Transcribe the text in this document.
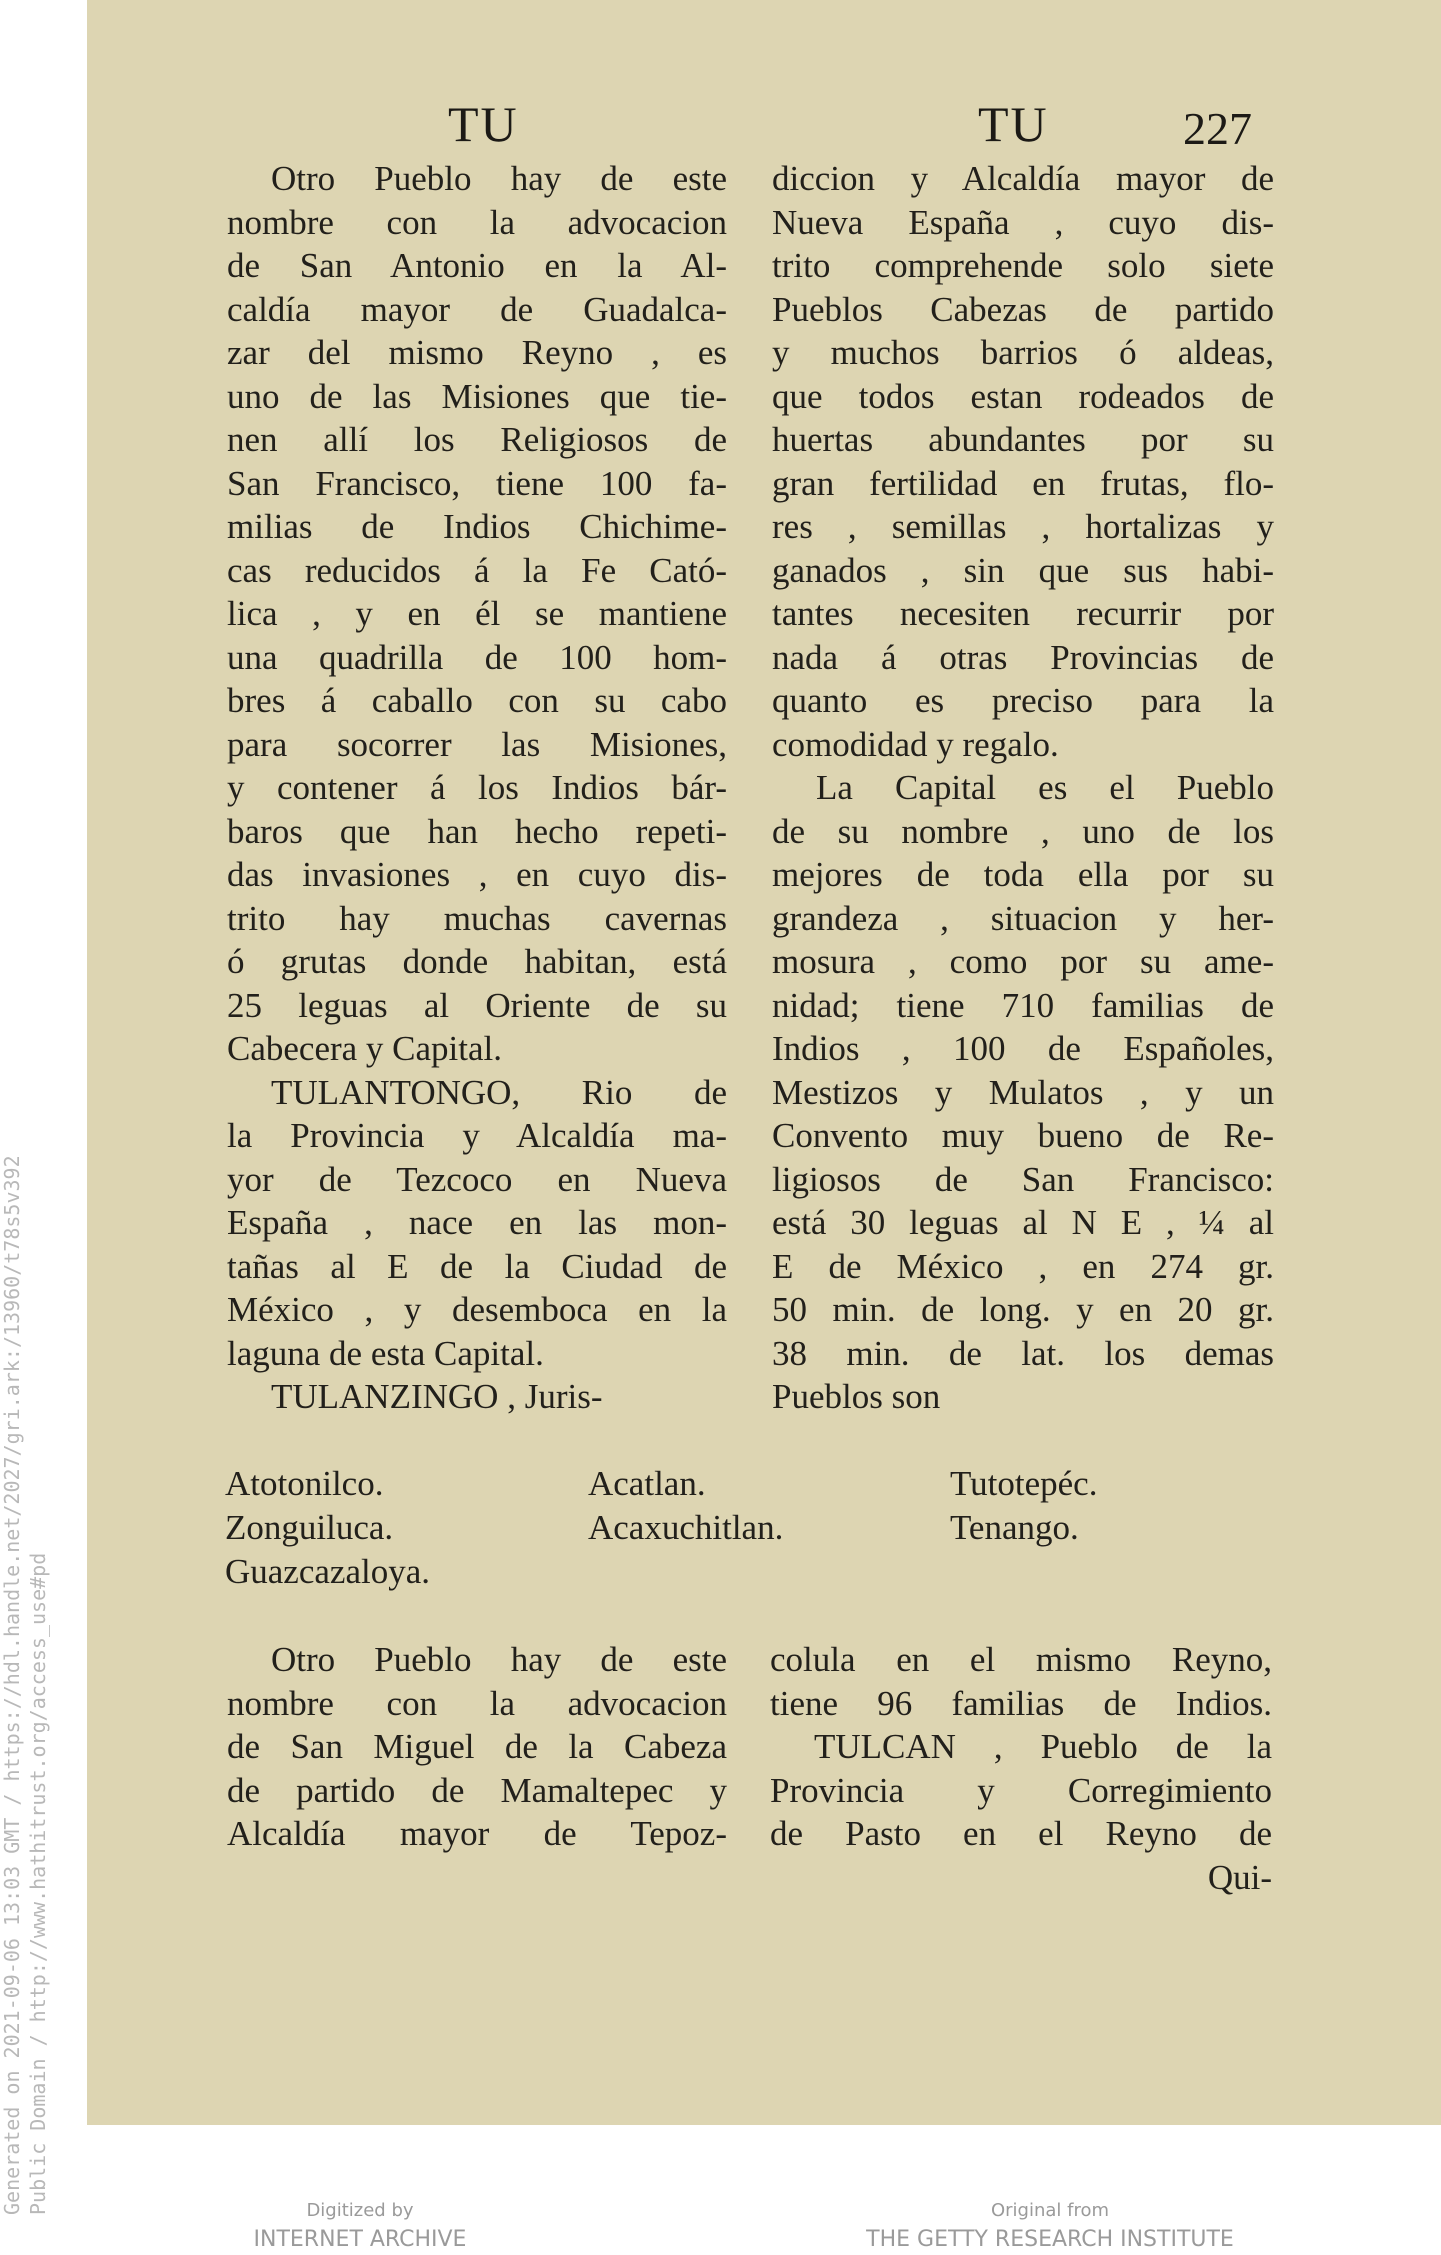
Generated on 2021-09-06 13:03 GMT / https://hdl.handle.net/2027/gri.ark:/13960/t78s5v392 Public Domain / http://www.hathitrust.org/access_use#pd
TU	TU	227
Otro Pueblo hay de este
nombre con la advocacion
de San Antonio en la Al-
caldía mayor de Guadalca-
zar del mismo Reyno , es
uno de las Misiones que tie-
nen allí los Religiosos de
San Francisco, tiene 100 fa-
milias de Indios Chichime-
cas reducidos á la Fe Cató-
lica , y en él se mantiene
una quadrilla de 100 hom-
bres á caballo con su cabo
para socorrer las Misiones,
y contener á los Indios bár-
baros que han hecho repeti-
das invasiones , en cuyo dis-
trito hay muchas cavernas
ó grutas donde habitan, está
25 leguas al Oriente de su
Cabecera y Capital.
TULANTONGO, Rio de
la Provincia y Alcaldía ma-
yor de Tezcoco en Nueva
España , nace en las mon-
tañas al E de la Ciudad de
México , y desemboca en la
laguna de esta Capital.
TULANZINGO , Juris-
diccion y Alcaldía mayor de
Nueva España , cuyo dis-
trito comprehende solo siete
Pueblos Cabezas de partido
y muchos barrios ó aldeas,
que todos estan rodeados de
huertas abundantes por su
gran fertilidad en frutas, flo-
res , semillas , hortalizas y
ganados , sin que sus habi-
tantes necesiten recurrir por
nada á otras Provincias de
quanto es preciso para la
comodidad y regalo.
La Capital es el Pueblo
de su nombre , uno de los
mejores de toda ella por su
grandeza , situacion y her-
mosura , como por su ame-
nidad; tiene 710 familias de
Indios , 100 de Españoles,
Mestizos y Mulatos , y un
Convento muy bueno de Re-
ligiosos de San Francisco:
está 30 leguas al N E , ¼ al
E de México , en 274 gr.
50 min. de long. y en 20 gr.
38 min. de lat. los demas
Pueblos son
Atotonilco.
Zonguiluca.
Guazcazaloya.
Acatlan.
Acaxuchitlan.
Tutotepéc.
Tenango.
Otro Pueblo hay de este
nombre con la advocacion
de San Miguel de la Cabeza
de partido de Mamaltepec y
Alcaldía mayor de Tepoz-
colula en el mismo Reyno,
tiene 96 familias de Indios.
TULCAN , Pueblo de la
Provincia y Corregimiento
de Pasto en el Reyno de
Qui-
Digitized by
INTERNET ARCHIVE
Original from
THE GETTY RESEARCH INSTITUTE
